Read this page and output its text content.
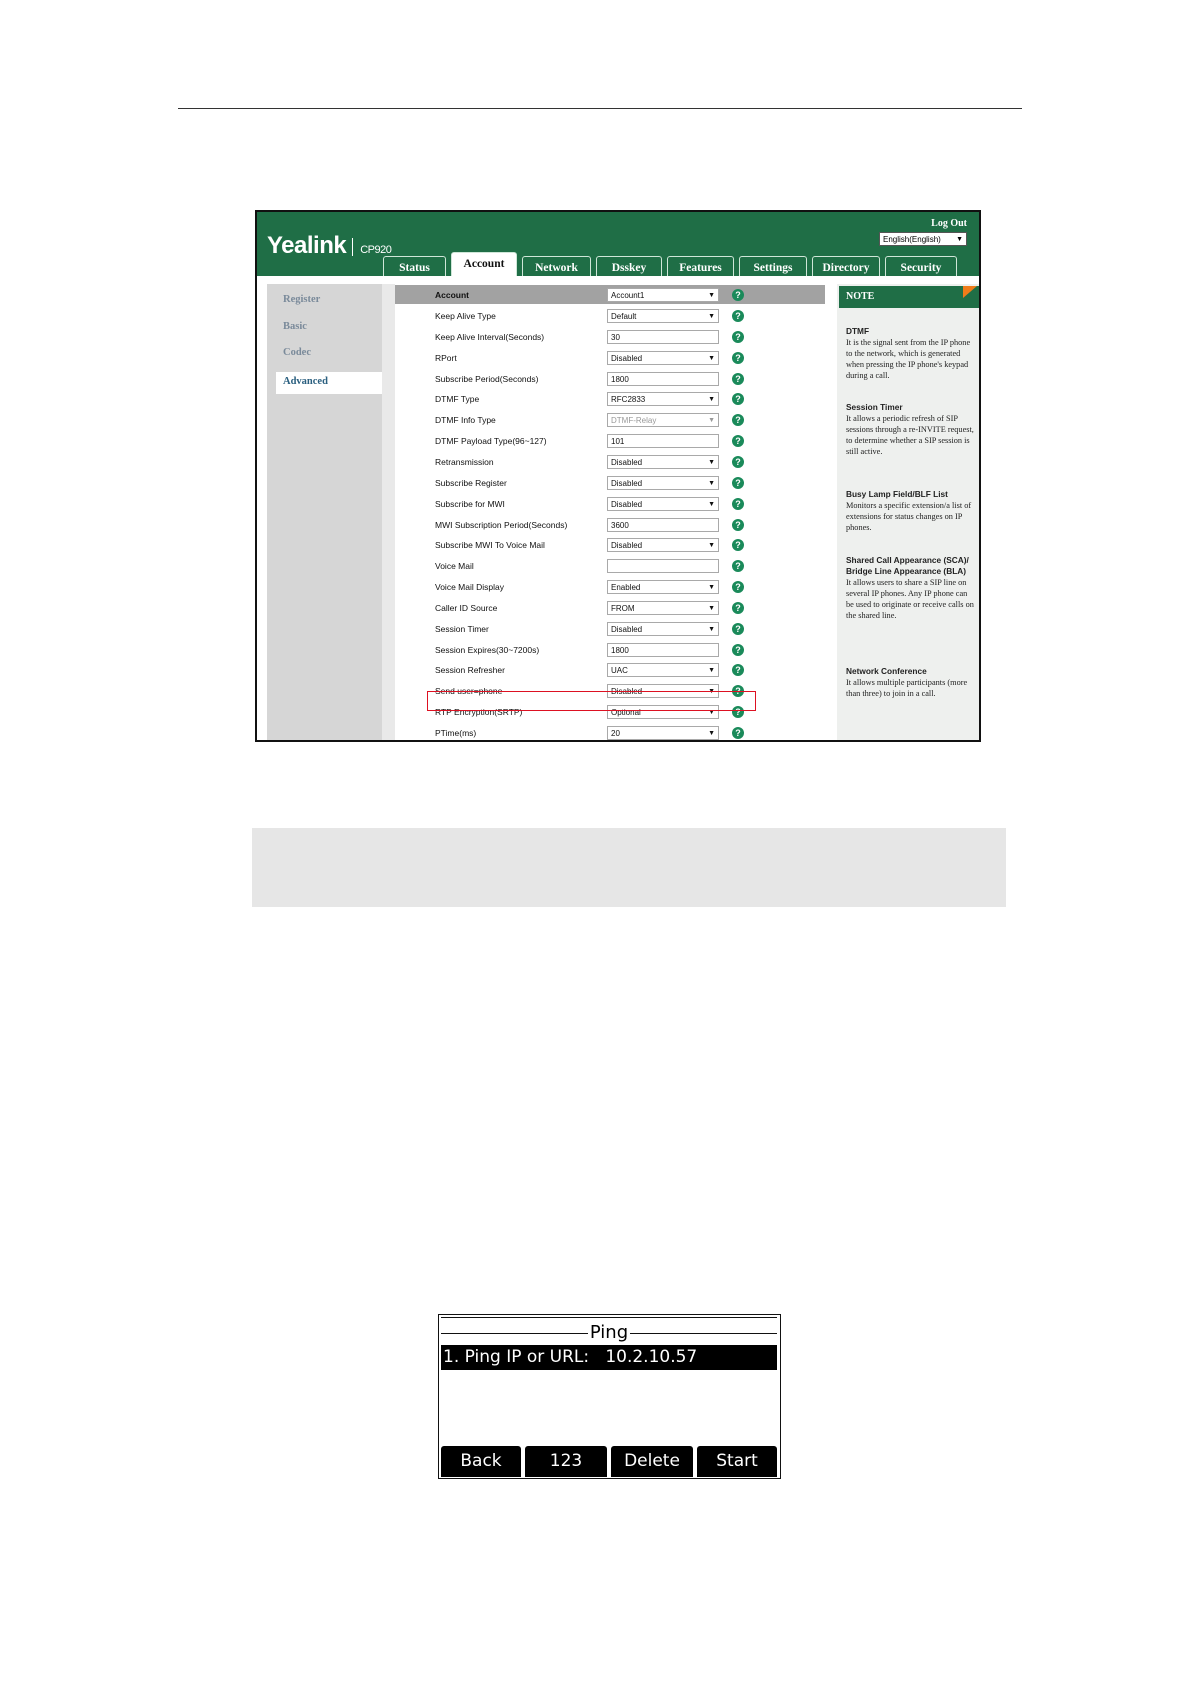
Yealink CP920
Log Out
English(English) ▼
Status	Account	Network	Dsskey	Features	Settings	Directory	Security
Register
Basic
Codec
Advanced
Account	Account1	▼	?
Keep Alive Type	Default	▼	?
Keep Alive Interval(Seconds)	30	?
RPort	Disabled	▼	?
Subscribe Period(Seconds)	1800	?
DTMF Type	RFC2833	▼	?
DTMF Info Type	DTMF-Relay	▼	?
DTMF Payload Type(96~127)	101	?
Retransmission	Disabled	▼	?
Subscribe Register	Disabled	▼	?
Subscribe for MWI	Disabled	▼	?
MWI Subscription Period(Seconds)	3600	?
Subscribe MWI To Voice Mail	Disabled	▼	?
Voice Mail	?
Voice Mail Display	Enabled	▼	?
Caller ID Source	FROM	▼	?
Session Timer	Disabled	▼	?
Session Expires(30~7200s)	1800	?
Session Refresher	UAC	▼	?
Send user=phone	Disabled	▼	?
RTP Encryption(SRTP)	Optional	▼	?
PTime(ms)	20	▼	?
NOTE
DTMF
It is the signal sent from the IP phone to the network, which is generated when pressing the IP phone's keypad during a call.
Session Timer
It allows a periodic refresh of SIP sessions through a re-INVITE request, to determine whether a SIP session is still active.
Busy Lamp Field/BLF List
Monitors a specific extension/a list of extensions for status changes on IP phones.
Shared Call Appearance (SCA)/ Bridge Line Appearance (BLA)
It allows users to share a SIP line on several IP phones. Any IP phone can be used to originate or receive calls on the shared line.
Network Conference
It allows multiple participants (more than three) to join in a call.
Ping
1. Ping IP or URL:   10.2.10.57
Back	123	Delete	Start
